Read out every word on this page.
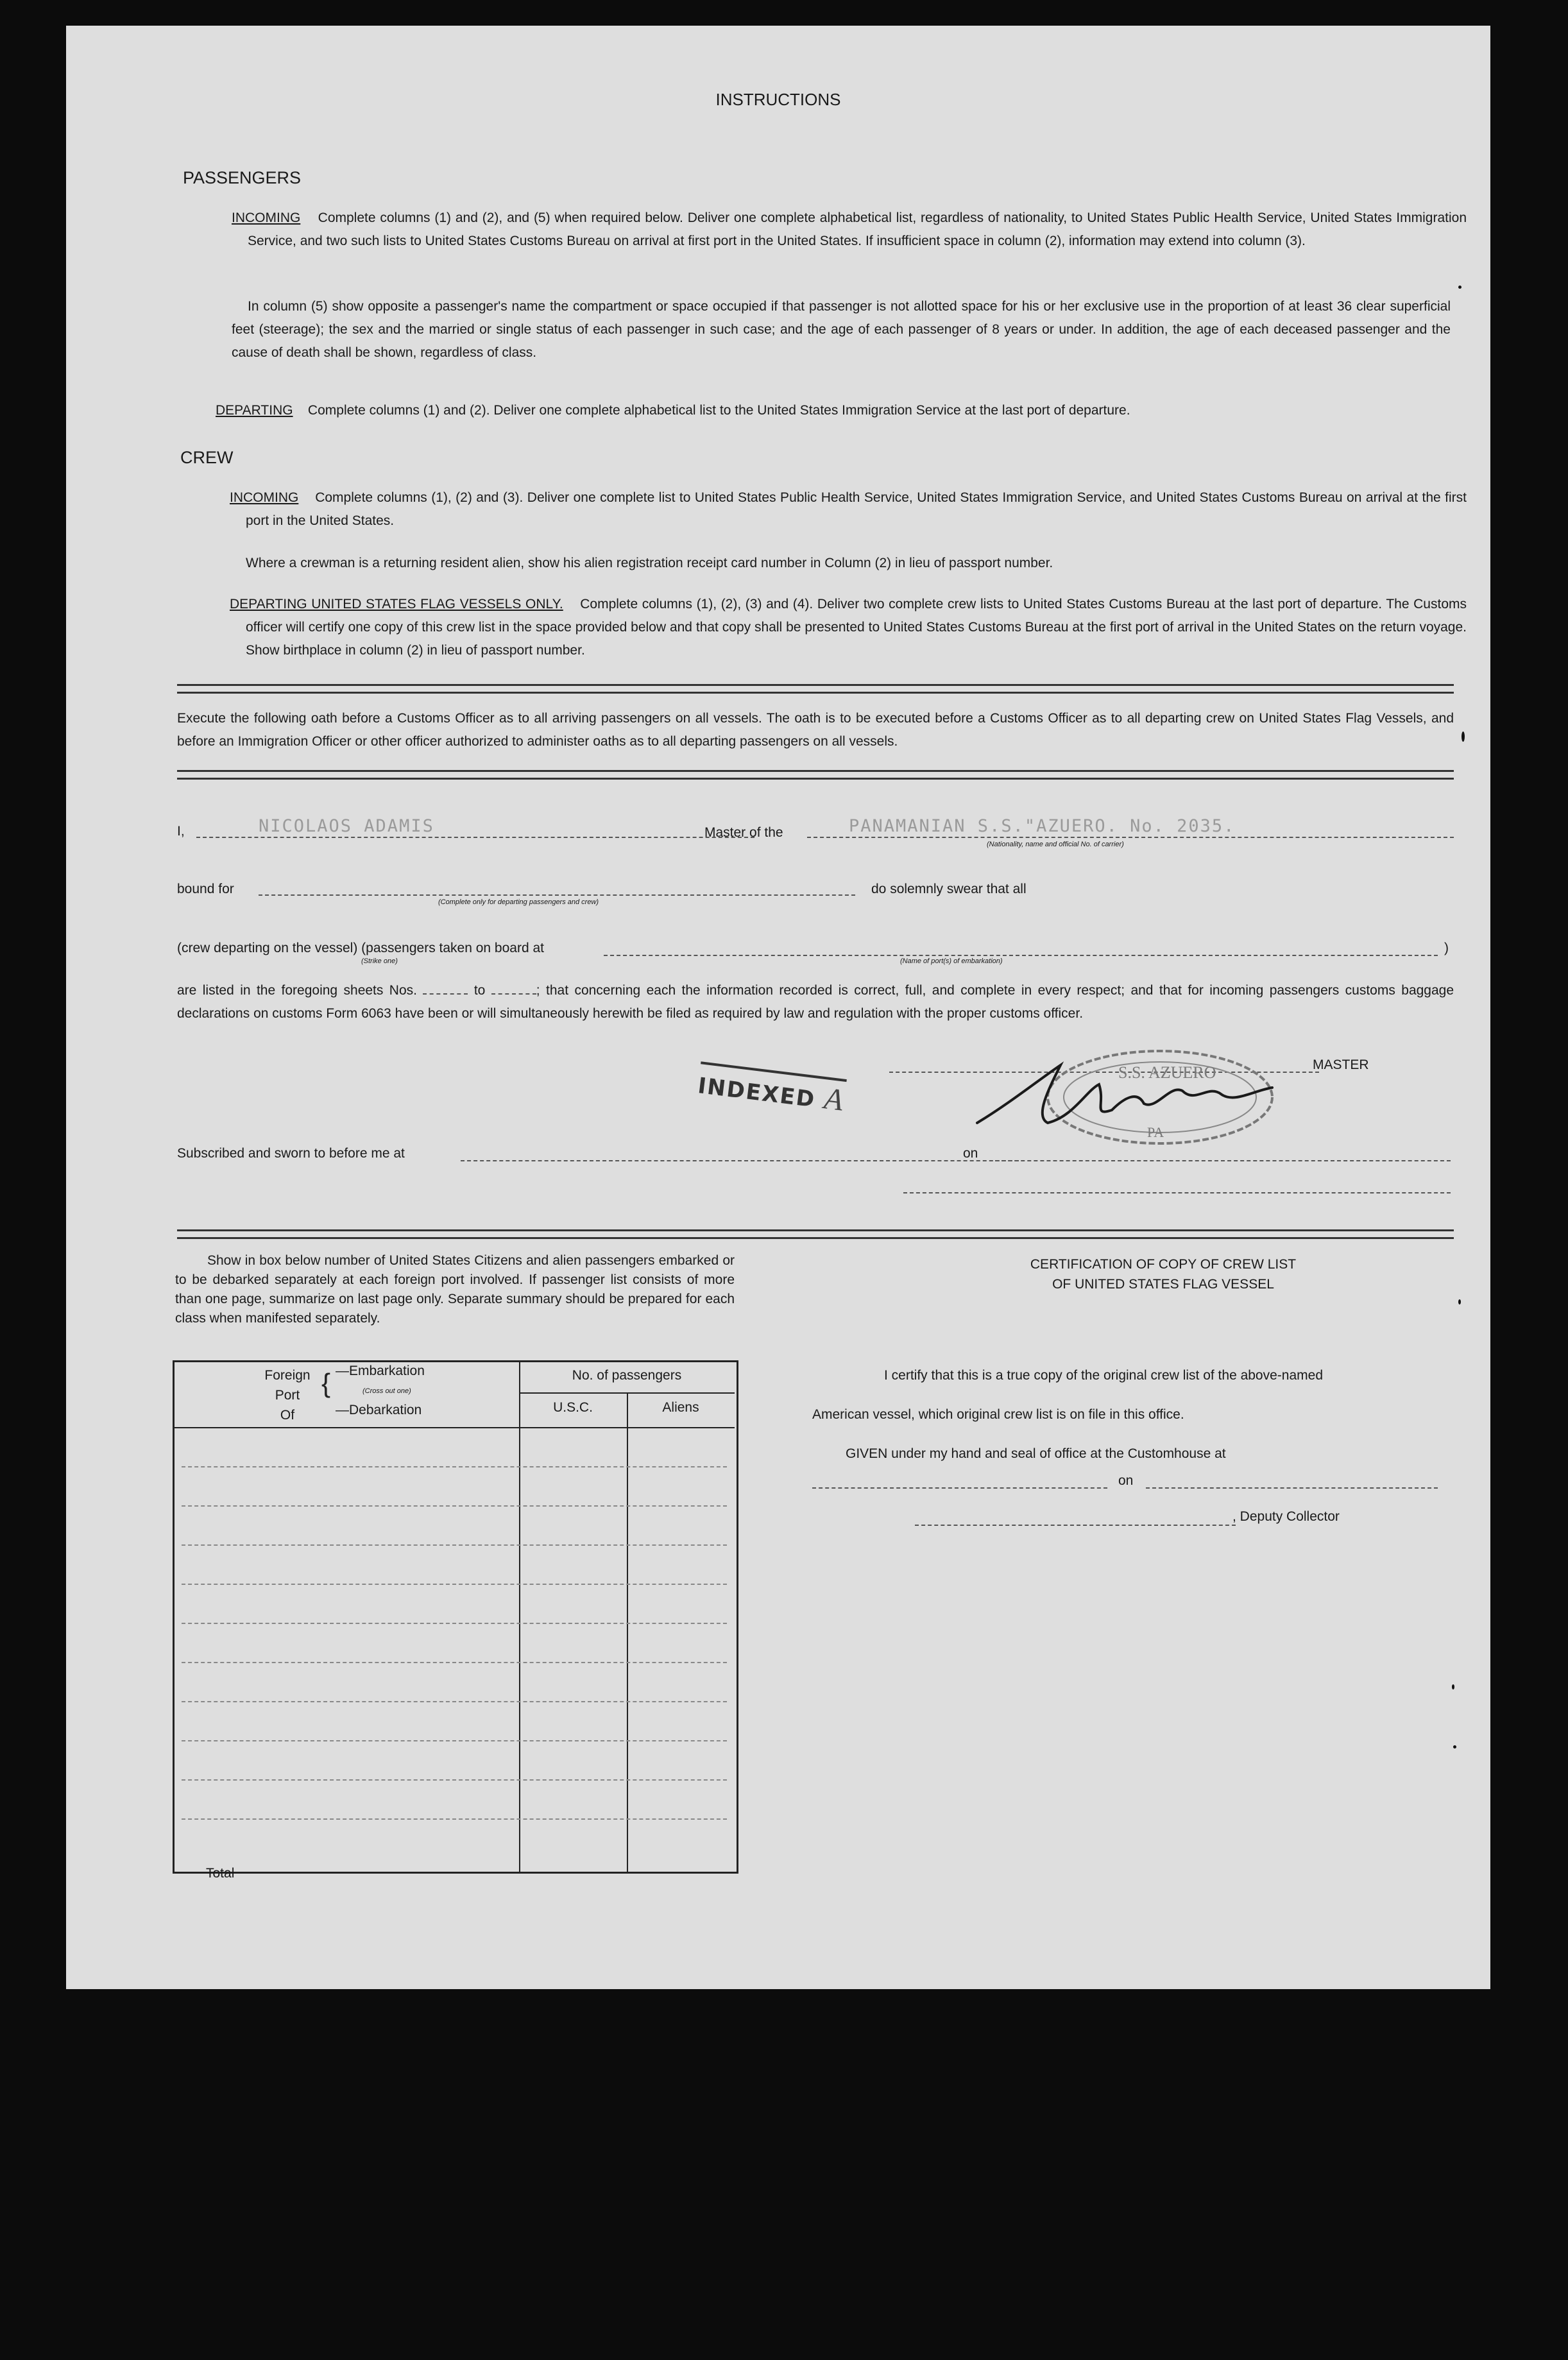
INSTRUCTIONS
PASSENGERS
INCOMING Complete columns (1) and (2), and (5) when required below. Deliver one complete alphabetical list, regardless of nationality, to United States Public Health Service, United States Immigration Service, and two such lists to United States Customs Bureau on arrival at first port in the United States. If insufficient space in column (2), information may extend into column (3).
In column (5) show opposite a passenger's name the compartment or space occupied if that passenger is not allotted space for his or her exclusive use in the proportion of at least 36 clear superficial feet (steerage); the sex and the married or single status of each passenger in such case; and the age of each passenger of 8 years or under. In addition, the age of each deceased passenger and the cause of death shall be shown, regardless of class.
DEPARTING Complete columns (1) and (2). Deliver one complete alphabetical list to the United States Immigration Service at the last port of departure.
CREW
INCOMING Complete columns (1), (2) and (3). Deliver one complete list to United States Public Health Service, United States Immigration Service, and United States Customs Bureau on arrival at the first port in the United States.
Where a crewman is a returning resident alien, show his alien registration receipt card number in Column (2) in lieu of passport number.
DEPARTING UNITED STATES FLAG VESSELS ONLY. Complete columns (1), (2), (3) and (4). Deliver two complete crew lists to United States Customs Bureau at the last port of departure. The Customs officer will certify one copy of this crew list in the space provided below and that copy shall be presented to United States Customs Bureau at the first port of arrival in the United States on the return voyage. Show birthplace in column (2) in lieu of passport number.
Execute the following oath before a Customs Officer as to all arriving passengers on all vessels. The oath is to be executed before a Customs Officer as to all departing crew on United States Flag Vessels, and before an Immigration Officer or other officer authorized to administer oaths as to all departing passengers on all vessels.
I,	NICOLAOS ADAMIS	Master of the	PANAMANIAN S.S."AZUERO. No. 2035.
(Nationality, name and official No. of carrier)
bound for
(Complete only for departing passengers and crew)
do solemnly swear that all
(crew departing on the vessel) (passengers taken on board at	)
(Strike one)	(Name of port(s) of embarkation)
are listed in the foregoing sheets Nos.	to	; that concerning each the information recorded is correct, full, and complete in every respect; and that for incoming passengers customs baggage declarations on customs Form 6063 have been or will simultaneously herewith be filed as required by law and regulation with the proper customs officer.
MASTER
S.S. AZUERO
PA
INDEXED A
Subscribed and sworn to before me at	on
Show in box below number of United States Citizens and alien passengers embarked or to be debarked separately at each foreign port involved. If passenger list consists of more than one page, summarize on last page only. Separate summary should be prepared for each class when manifested separately.
Foreign
Port
Of
{ —Embarkation
(Cross out one)
—Debarkation
No. of passengers
U.S.C.	Aliens
Total
CERTIFICATION OF COPY OF CREW LIST
OF UNITED STATES FLAG VESSEL
I certify that this is a true copy of the original crew list of the above-named
American vessel, which original crew list is on file in this office.
GIVEN under my hand and seal of office at the Customhouse at
on
, Deputy Collector
